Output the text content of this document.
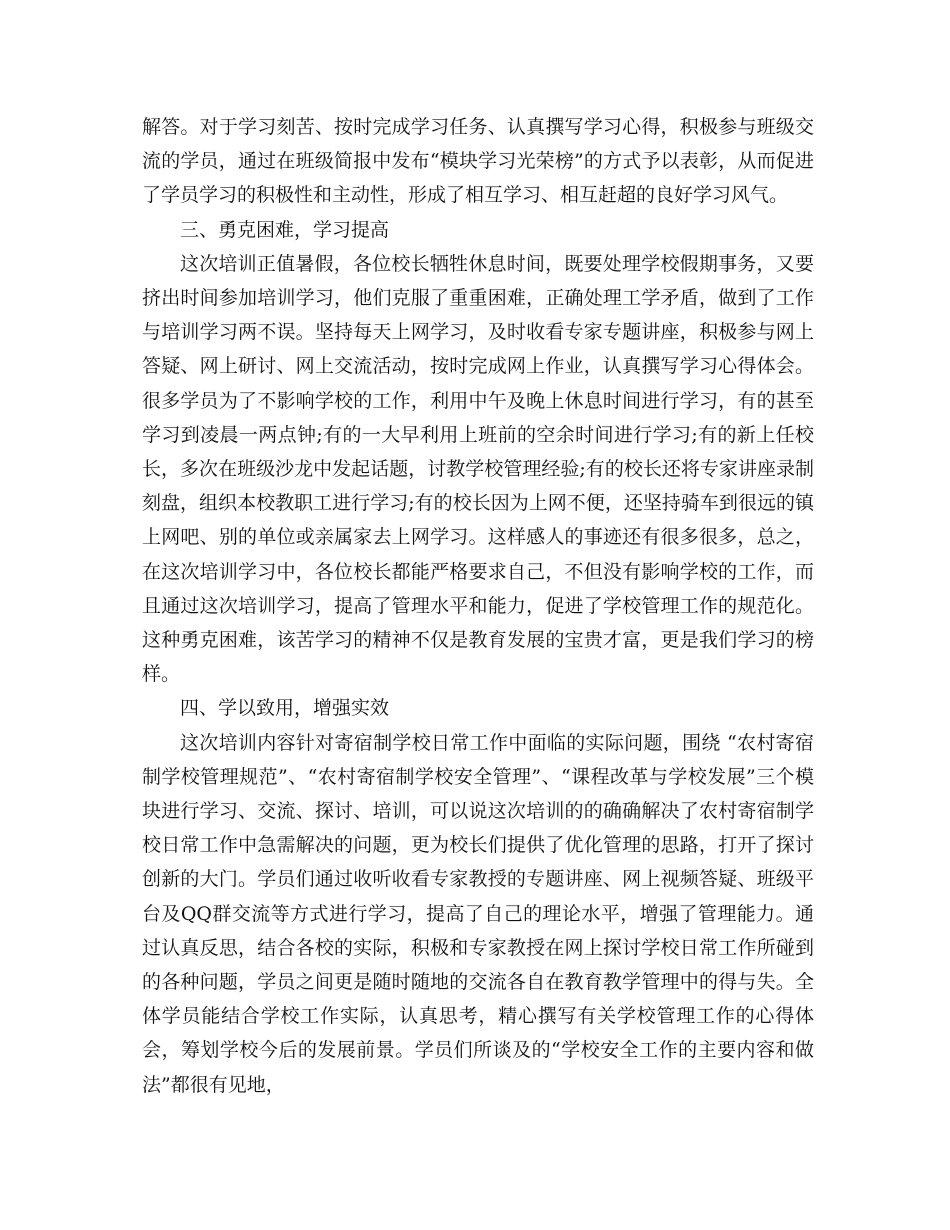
解答。对于学习刻苦、按时完成学习任务、认真撰写学习心得，积极参与班级交流的学员，通过在班级简报中发布“模块学习光荣榜”的方式予以表彰，从而促进了学员学习的积极性和主动性，形成了相互学习、相互赶超的良好学习风气。

三、勇克困难，学习提高

这次培训正值暑假，各位校长牺牲休息时间，既要处理学校假期事务，又要挤出时间参加培训学习，他们克服了重重困难，正确处理工学矛盾，做到了工作与培训学习两不误。坚持每天上网学习，及时收看专家专题讲座，积极参与网上答疑、网上研讨、网上交流活动，按时完成网上作业，认真撰写学习心得体会。很多学员为了不影响学校的工作，利用中午及晚上休息时间进行学习，有的甚至学习到凌晨一两点钟;有的一大早利用上班前的空余时间进行学习;有的新上任校长，多次在班级沙龙中发起话题，讨教学校管理经验;有的校长还将专家讲座录制刻盘，组织本校教职工进行学习;有的校长因为上网不便，还坚持骑车到很远的镇上网吧、别的单位或亲属家去上网学习。这样感人的事迹还有很多很多，总之，在这次培训学习中，各位校长都能严格要求自己，不但没有影响学校的工作，而且通过这次培训学习，提高了管理水平和能力，促进了学校管理工作的规范化。这种勇克困难，该苦学习的精神不仅是教育发展的宝贵才富，更是我们学习的榜样。

四、学以致用，增强实效

这次培训内容针对寄宿制学校日常工作中面临的实际问题，围绕 “农村寄宿制学校管理规范”、“农村寄宿制学校安全管理”、“课程改革与学校发展”三个模块进行学习、交流、探讨、培训，可以说这次培训的的确确解决了农村寄宿制学校日常工作中急需解决的问题，更为校长们提供了优化管理的思路，打开了探讨创新的大门。学员们通过收听收看专家教授的专题讲座、网上视频答疑、班级平台及QQ群交流等方式进行学习，提高了自己的理论水平，增强了管理能力。通过认真反思，结合各校的实际，积极和专家教授在网上探讨学校日常工作所碰到的各种问题，学员之间更是随时随地的交流各自在教育教学管理中的得与失。全体学员能结合学校工作实际，认真思考，精心撰写有关学校管理工作的心得体会，筹划学校今后的发展前景。学员们所谈及的“学校安全工作的主要内容和做法”都很有见地，
